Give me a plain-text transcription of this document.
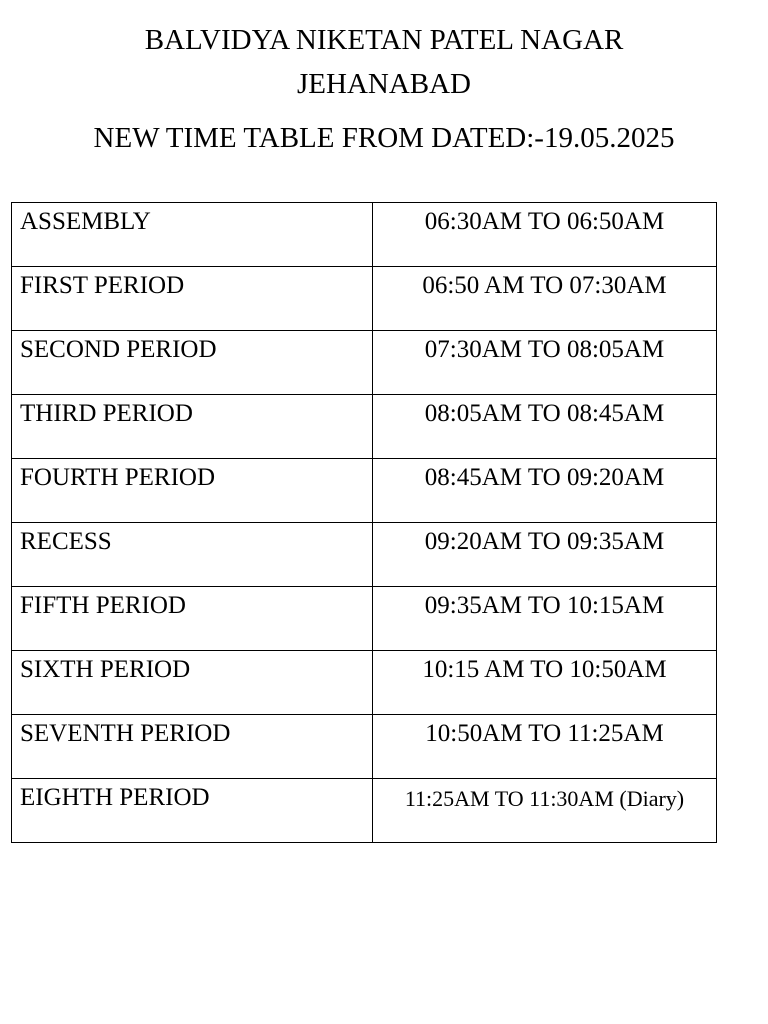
BALVIDYA NIKETAN PATEL NAGAR
JEHANABAD
NEW TIME TABLE FROM DATED:-19.05.2025
ASSEMBLY	06:30AM TO 06:50AM
FIRST PERIOD	06:50 AM TO 07:30AM
SECOND PERIOD	07:30AM TO 08:05AM
THIRD PERIOD	08:05AM TO 08:45AM
FOURTH PERIOD	08:45AM TO 09:20AM
RECESS	09:20AM TO 09:35AM
FIFTH PERIOD	09:35AM TO 10:15AM
SIXTH PERIOD	10:15 AM TO 10:50AM
SEVENTH PERIOD	10:50AM TO 11:25AM
EIGHTH PERIOD	11:25AM TO 11:30AM (Diary)
